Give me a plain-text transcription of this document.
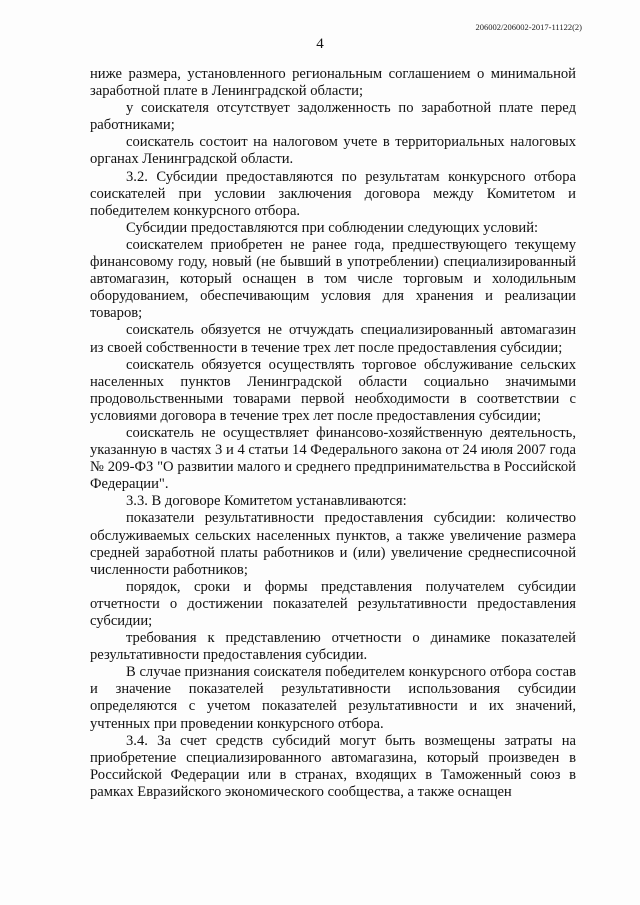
206002/206002-2017-11122(2)
4

ниже размера, установленного региональным соглашением о минимальной заработной плате в Ленинградской области;

у соискателя отсутствует задолженность по заработной плате перед работниками;

соискатель состоит на налоговом учете в территориальных налоговых органах Ленинградской области.

3.2. Субсидии предоставляются по результатам конкурсного отбора соискателей при условии заключения договора между Комитетом и победителем конкурсного отбора.

Субсидии предоставляются при соблюдении следующих условий:

соискателем приобретен не ранее года, предшествующего текущему финансовому году, новый (не бывший в употреблении) специализированный автомагазин, который оснащен в том числе торговым и холодильным оборудованием, обеспечивающим условия для хранения и реализации товаров;

соискатель обязуется не отчуждать специализированный автомагазин из своей собственности в течение трех лет после предоставления субсидии;

соискатель обязуется осуществлять торговое обслуживание сельских населенных пунктов Ленинградской области социально значимыми продовольственными товарами первой необходимости в соответствии с условиями договора в течение трех лет после предоставления субсидии;

соискатель не осуществляет финансово-хозяйственную деятельность, указанную в частях 3 и 4 статьи 14 Федерального закона от 24 июля 2007 года № 209-ФЗ "О развитии малого и среднего предпринимательства в Российской Федерации".

3.3. В договоре Комитетом устанавливаются:

показатели результативности предоставления субсидии: количество обслуживаемых сельских населенных пунктов, а также увеличение размера средней заработной платы работников и (или) увеличение среднесписочной численности работников;

порядок, сроки и формы представления получателем субсидии отчетности о достижении показателей результативности предоставления субсидии;

требования к представлению отчетности о динамике показателей результативности предоставления субсидии.

В случае признания соискателя победителем конкурсного отбора состав и значение показателей результативности использования субсидии определяются с учетом показателей результативности и их значений, учтенных при проведении конкурсного отбора.

3.4. За счет средств субсидий могут быть возмещены затраты на приобретение специализированного автомагазина, который произведен в Российской Федерации или в странах, входящих в Таможенный союз в рамках Евразийского экономического сообщества, а также оснащен
